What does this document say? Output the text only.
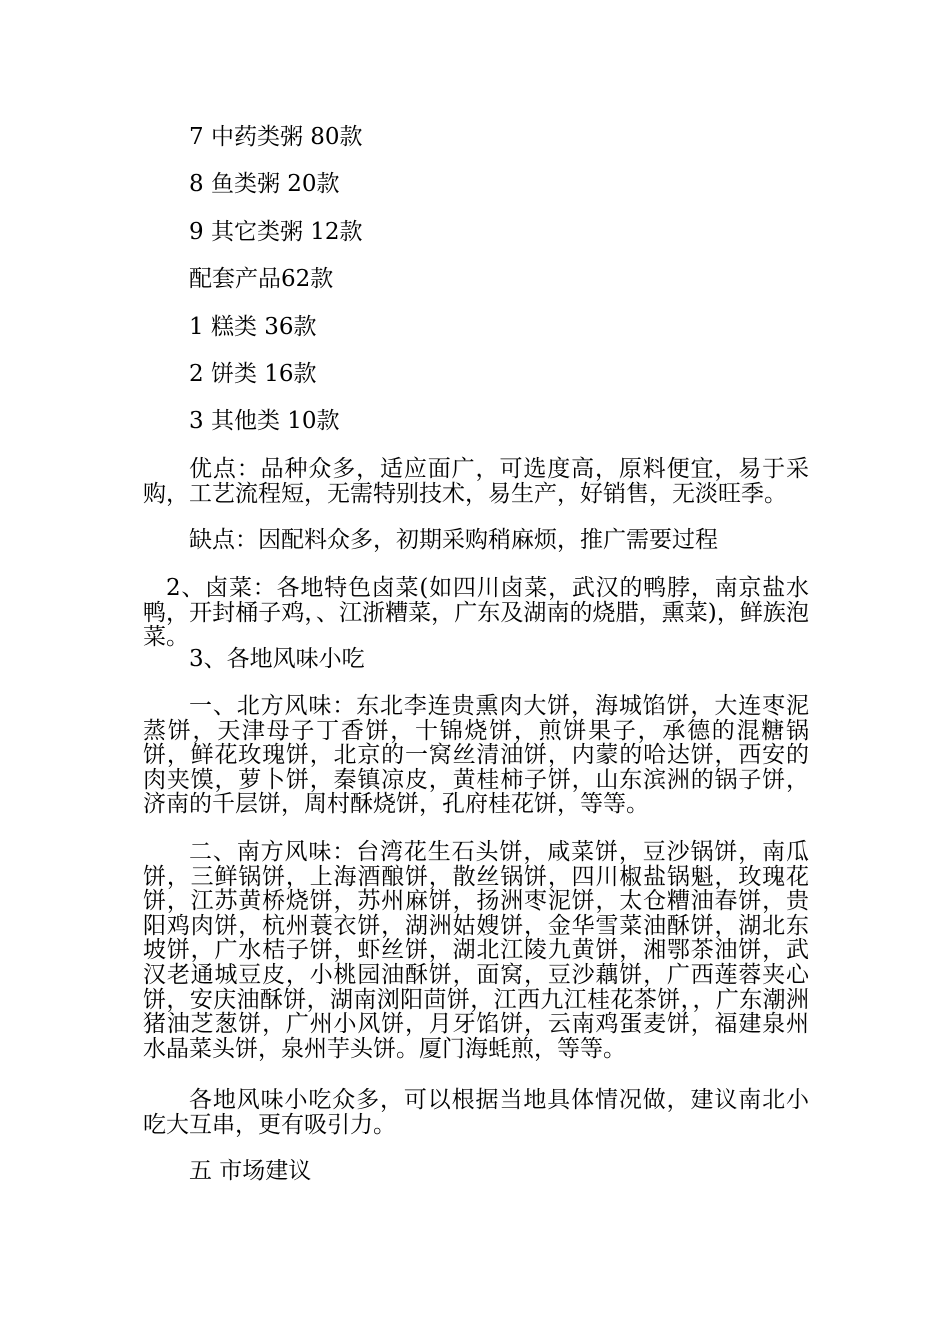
7 中药类粥 80款

8 鱼类粥 20款

9 其它类粥 12款

配套产品62款

1 糕类 36款

2 饼类 16款

3 其他类 10款

优点：品种众多，适应面广，可选度高，原料便宜，易于采购，工艺流程短，无需特别技术，易生产，好销售，无淡旺季。

缺点：因配料众多，初期采购稍麻烦，推广需要过程

2、卤菜：各地特色卤菜(如四川卤菜，武汉的鸭脖，南京盐水鸭，开封桶子鸡，、江浙糟菜，广东及湖南的烧腊，熏菜)，鲜族泡菜。

3、各地风味小吃

一、北方风味：东北李连贵熏肉大饼，海城馅饼，大连枣泥蒸饼，天津母子丁香饼，十锦烧饼，煎饼果子，承德的混糖锅饼，鲜花玫瑰饼，北京的一窝丝清油饼，内蒙的哈达饼，西安的肉夹馍，萝卜饼，秦镇凉皮，黄桂柿子饼，山东滨洲的锅子饼，济南的千层饼，周村酥烧饼，孔府桂花饼，等等。

二、南方风味：台湾花生石头饼，咸菜饼，豆沙锅饼，南瓜饼，三鲜锅饼，上海酒酿饼，散丝锅饼，四川椒盐锅魁，玫瑰花饼，江苏黄桥烧饼，苏州麻饼，扬洲枣泥饼，太仓糟油春饼，贵阳鸡肉饼，杭州蓑衣饼，湖洲姑嫂饼，金华雪菜油酥饼，湖北东坡饼，广水桔子饼，虾丝饼，湖北江陵九黄饼，湘鄂茶油饼，武汉老通城豆皮，小桃园油酥饼，面窝，豆沙藕饼，广西莲蓉夹心饼，安庆油酥饼，湖南浏阳茴饼，江西九江桂花茶饼，，广东潮洲猪油芝葱饼，广州小风饼，月牙馅饼，云南鸡蛋麦饼，福建泉州水晶菜头饼，泉州芋头饼。厦门海蚝煎，等等。

各地风味小吃众多，可以根据当地具体情况做，建议南北小吃大互串，更有吸引力。

五 市场建议
